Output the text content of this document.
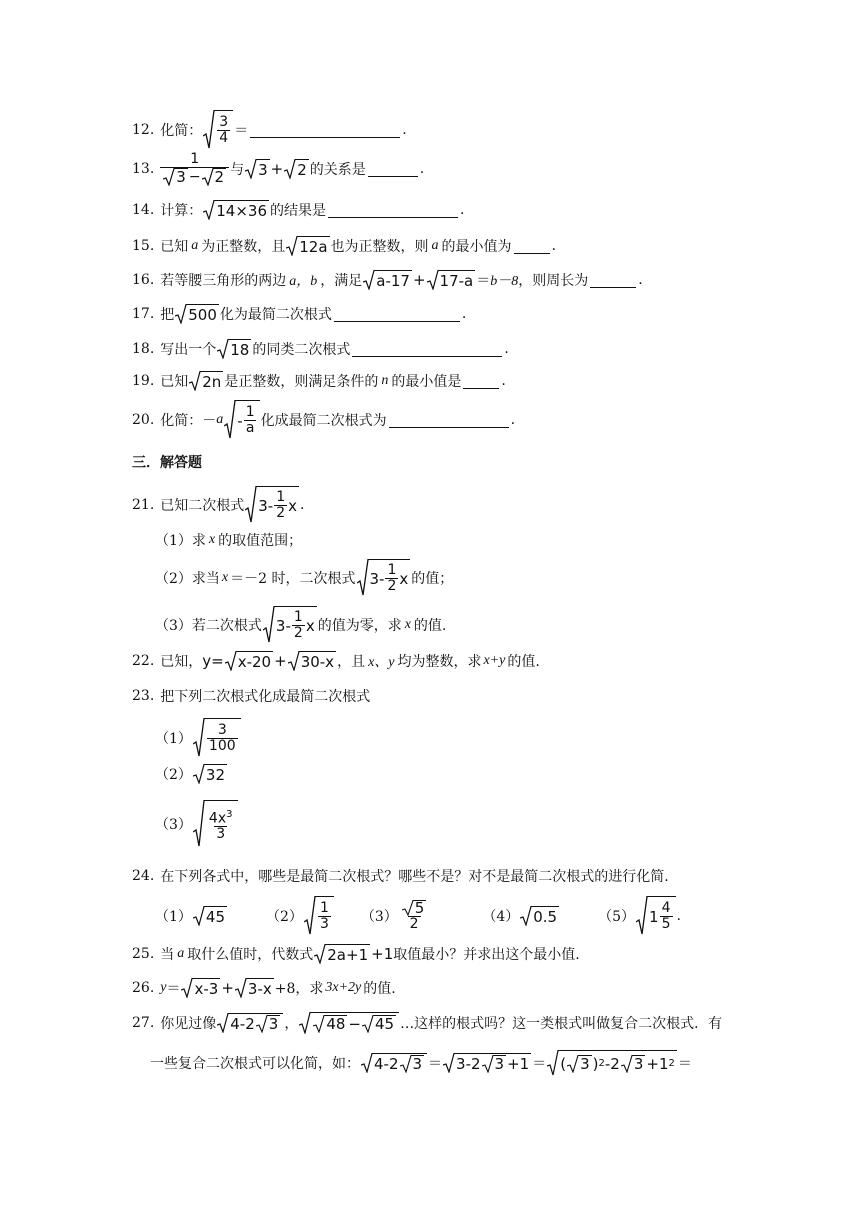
12. 化简： $\frac{3}{4}$ ＝	.
13. $\frac{1}{3 - 2}$ 与 3 + 2 的关系是	.
14. 计算： 14×36 的结果是	.
15. 已知 a 为正整数，且 12a 也为正整数，则 a 的最小值为	.
16. 若等腰三角形的两边 a，b ，满足 a-17 + 17-a ＝ b－8 ，则周长为	.
17. 把 500 化为最简二次根式	.
18. 写出一个 18 的同类二次根式	.
19. 已知 2n 是正整数，则满足条件的 n 的最小值是	.
20. 化简：－ a - $\frac{1}{a}$ 化成最简二次根式为	.
三．解答题
21. 已知二次根式 $3- \frac{1}{2}$ x .
（1）求 x 的取值范围；
（2）求当 x ＝－2 时，二次根式 $3- \frac{1}{2}$ x 的值；
（3）若二次根式 $3- \frac{1}{2}$ x 的值为零，求 x 的值.
22. 已知， y= x-20 + 30-x ，且 x、y 均为整数，求 x+y 的值.
23. 把下列二次根式化成最简二次根式
$(1) \frac{3}{100}$
（2） 32
$(3) \frac{4x^3}{3}$
24. 在下列各式中，哪些是最简二次根式？哪些不是？对不是最简二次根式的进行化简.
（1） 45	$(2) \frac{1}{3} (3) \frac{5}{2}$	（4） 0.5	（5） $1 \frac{4}{5}$ .
25. 当 a 取什么值时，代数式 2a+1 +1 取值最小？并求出这个最小值.
26. y ＝ x-3 + 3-x +8，求 3x+2y 的值.
27. 你见过像 4-2 3 ， 48 − 45 …这样的根式吗？这一类根式叫做复合二次根式．有
一些复合二次根式可以化简，如： 4-2 3 ＝ 3-2 3 +1 ＝ ( 3 ) 2 -2 3 +1 2 ＝
